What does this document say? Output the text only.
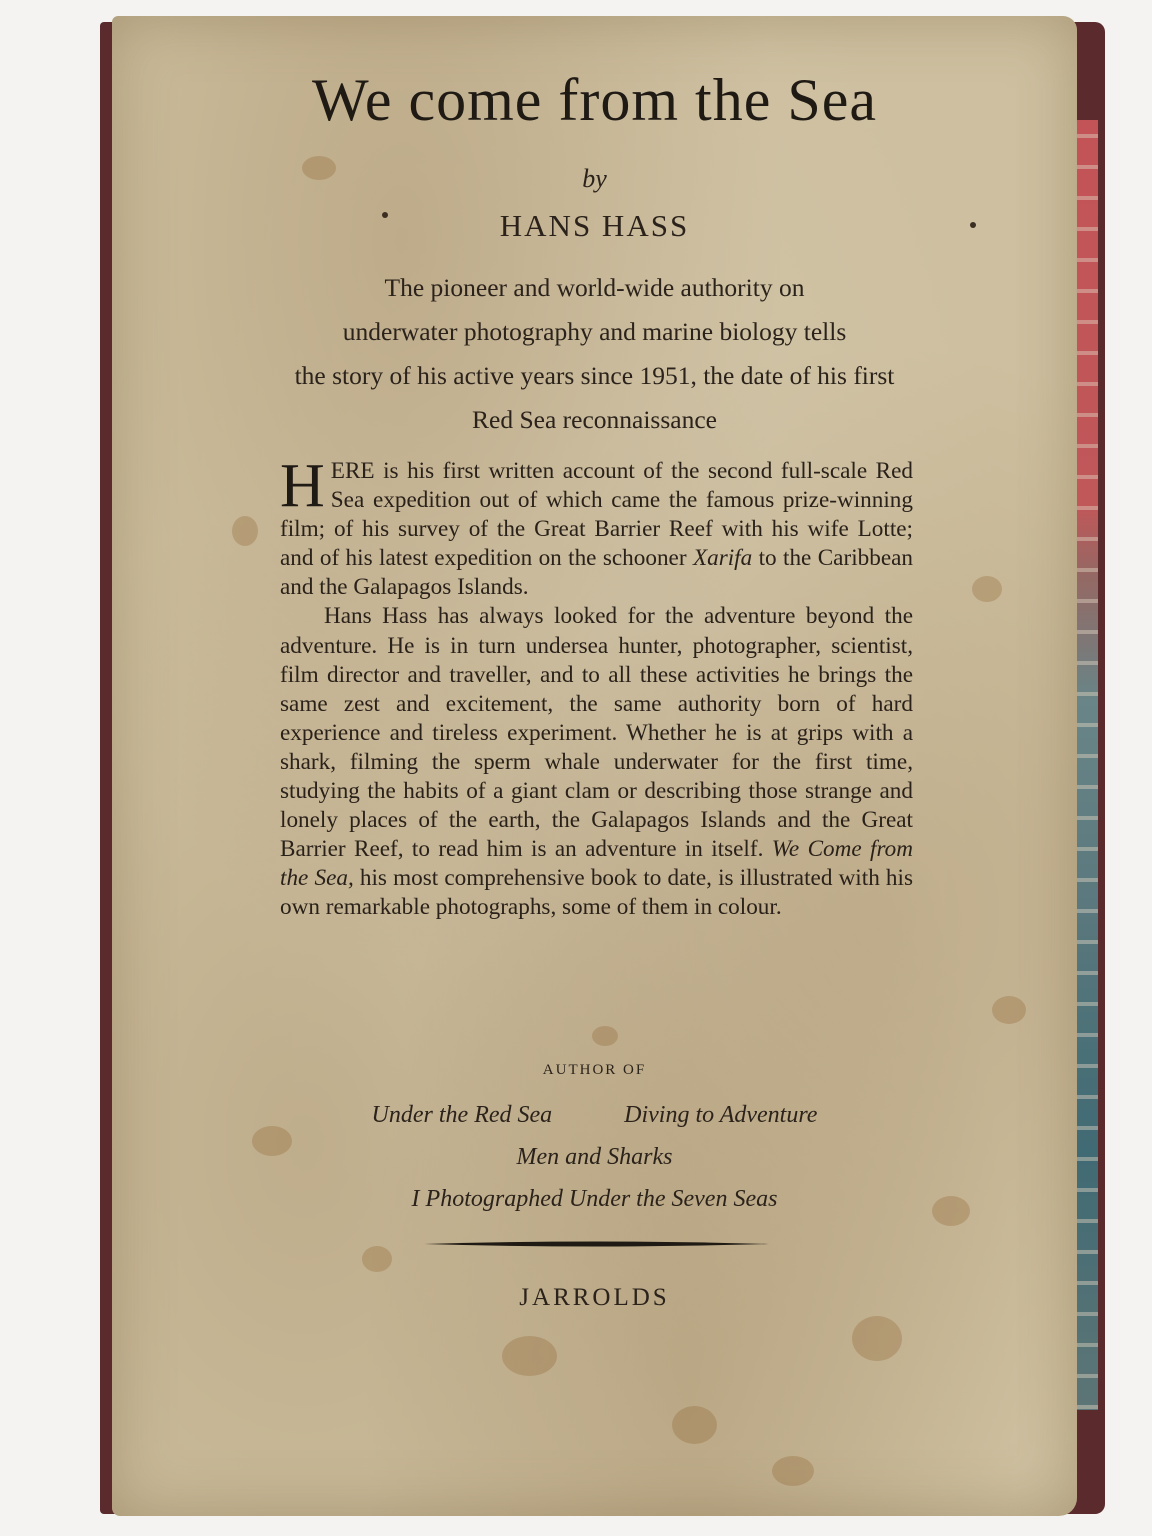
We come from the Sea
by
HANS HASS
The pioneer and world-wide authority on
underwater photography and marine biology tells
the story of his active years since 1951, the date of his first
Red Sea reconnaissance

HERE is his first written account of the second full-scale Red Sea expedition out of which came the famous prize-winning film; of his survey of the Great Barrier Reef with his wife Lotte; and of his latest expedition on the schooner Xarifa to the Caribbean and the Galapagos Islands.

Hans Hass has always looked for the adventure beyond the adventure. He is in turn undersea hunter, photographer, scientist, film director and traveller, and to all these activities he brings the same zest and excitement, the same authority born of hard experience and tireless experiment. Whether he is at grips with a shark, filming the sperm whale underwater for the first time, studying the habits of a giant clam or describing those strange and lonely places of the earth, the Galapagos Islands and the Great Barrier Reef, to read him is an adventure in itself. We Come from the Sea, his most comprehensive book to date, is illustrated with his own remarkable photographs, some of them in colour.

AUTHOR OF
Under the Red Sea	Diving to Adventure
Men and Sharks
I Photographed Under the Seven Seas
JARROLDS
